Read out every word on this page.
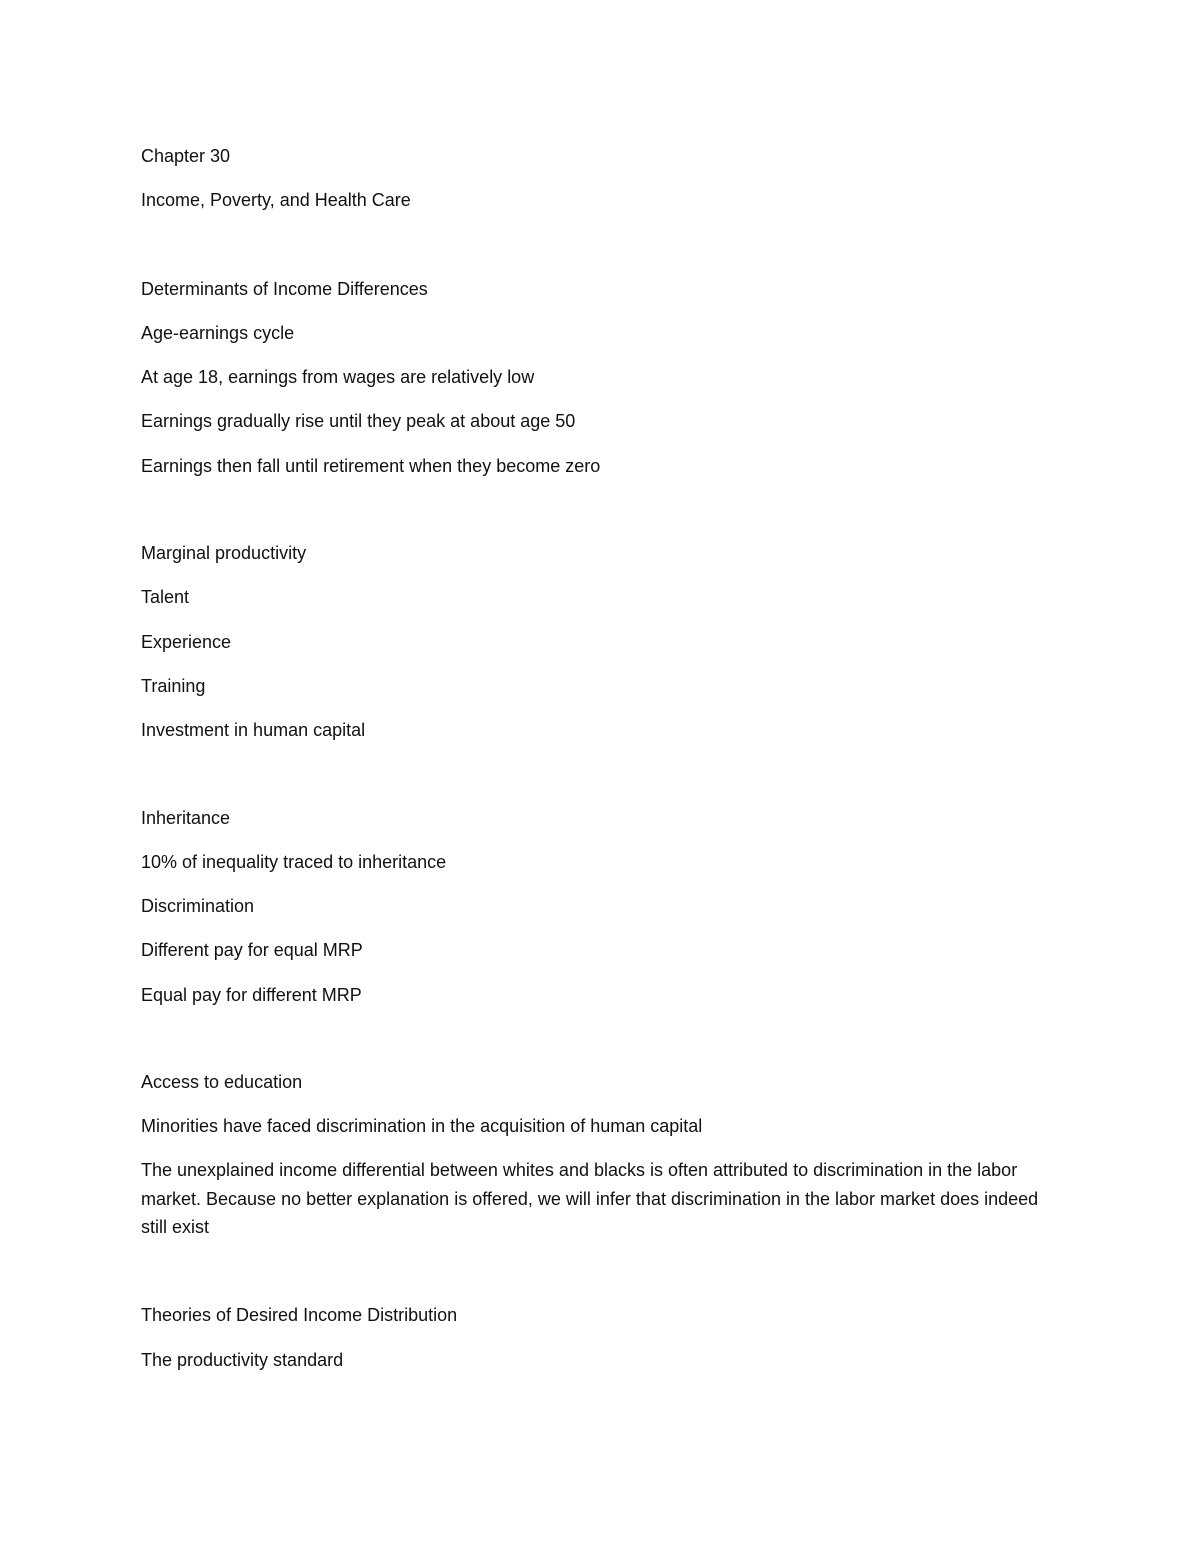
Chapter 30

Income, Poverty, and Health Care

Determinants of Income Differences

Age-earnings cycle

At age 18, earnings from wages are relatively low

Earnings gradually rise until they peak at about age 50

Earnings then fall until retirement when they become zero

Marginal productivity

Talent

Experience

Training

Investment in human capital

Inheritance

10% of inequality traced to inheritance

Discrimination

Different pay for equal MRP

Equal pay for different MRP

Access to education

Minorities have faced discrimination in the acquisition of human capital

The unexplained income differential between whites and blacks is often attributed to discrimination in the labor market. Because no better explanation is offered, we will infer that discrimination in the labor market does indeed still exist

Theories of Desired Income Distribution

The productivity standard
